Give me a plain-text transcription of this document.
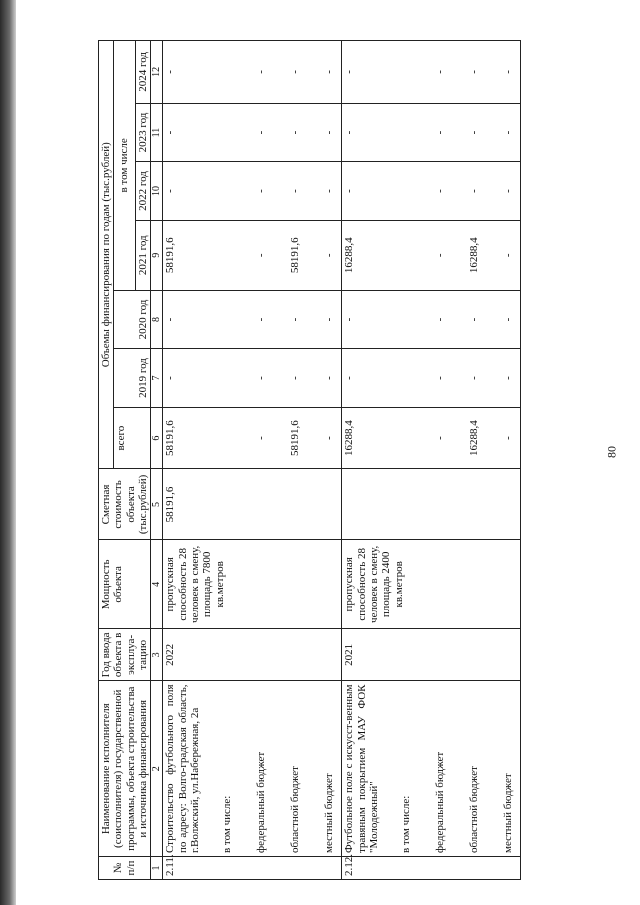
80
№ п/п	Наименование исполнителя (соисполнителя) государственной программы, объекта строительства и источника финансирования	Год ввода объекта в эксплуа-тацию	Мощность объекта	Сметная стоимость объекта (тыс.рублей)	Объемы финансирования по годам (тыс.рублей)						
					всего	2019 год	2020 год	в том числе			
								2021 год	2022 год	2023 год	2024 год
1	2	3	4	5	6	7	8	9	10	11	12
2.11.	Строительство футбольного поля по адресу: Волго-градская область, г.Волжский, ул.Набережная, 2а	2022	пропускная способность 28 человек в смену, площадь 7800 кв.метров	58191,6	58191,6	-	-	58191,6	-	-	-
	в том числе:										
	федеральный бюджет				-	-	-	-	-	-	-
	областной бюджет				58191,6	-	-	58191,6	-	-	-
	местный бюджет				-	-	-	-	-	-	-
2.12.	Футбольное поле с искусст-венным травяным покрытием МАУ ФОК "Молодежный"	2021	пропускная способность 28 человек в смену, площадь 2400 кв.метров		16288,4	-	-	16288,4	-	-	-
	в том числе:										
	федеральный бюджет				-	-	-	-	-	-	-
	областной бюджет				16288,4	-	-	16288,4	-	-	-
	местный бюджет				-	-	-	-	-	-	-
